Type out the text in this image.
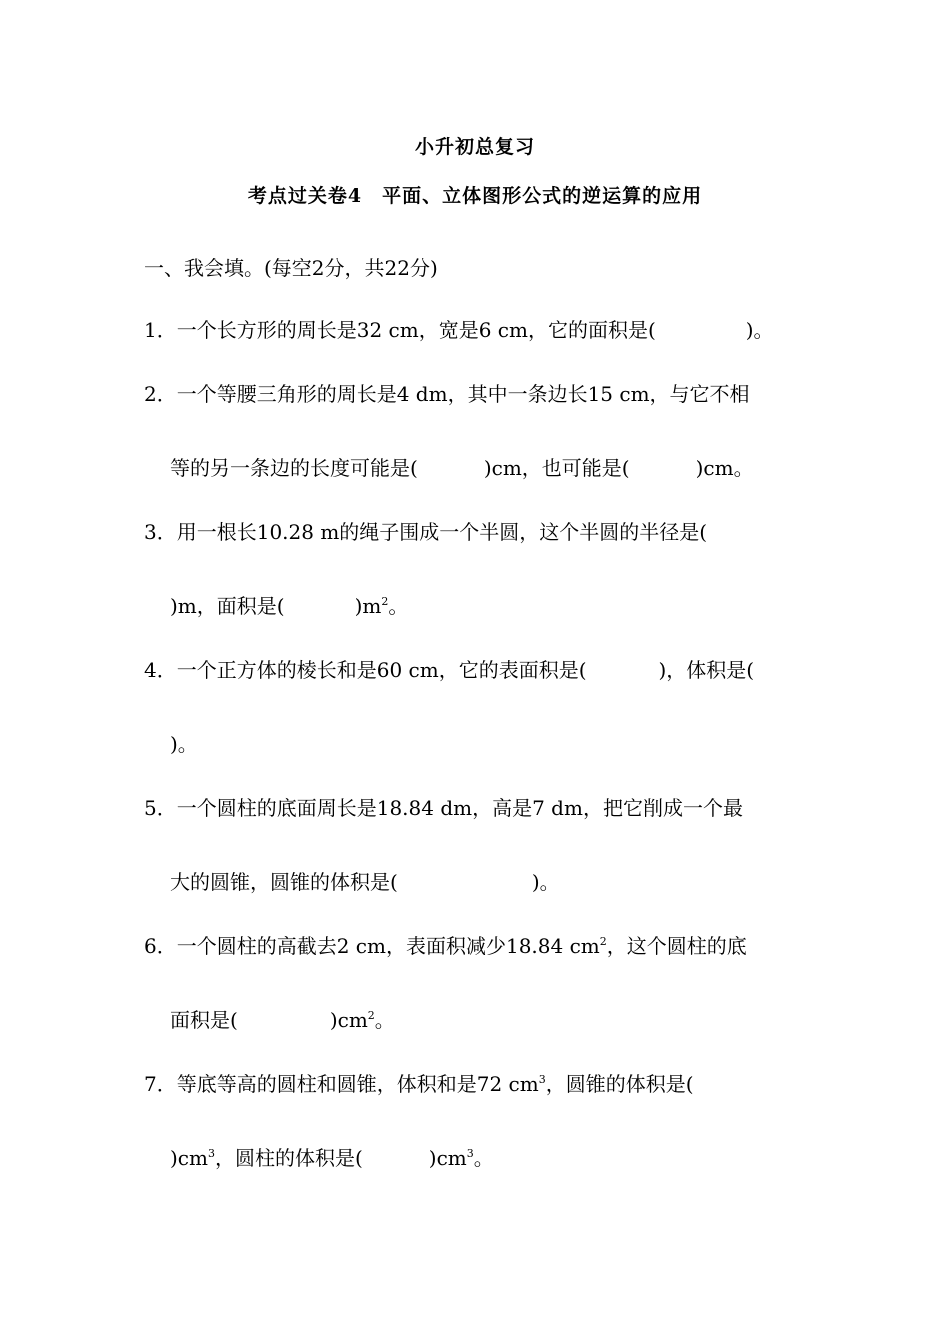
小升初总复习
考点过关卷4　平面、立体图形公式的逆运算的应用
一、我会填。(每空2分，共22分)
1．一个长方形的周长是32 cm，宽是6 cm，它的面积是(	)。
2．一个等腰三角形的周长是4 dm，其中一条边长15 cm，与它不相
等的另一条边的长度可能是(	)cm，也可能是(	)cm。
3．用一根长10.28 m的绳子围成一个半圆，这个半圆的半径是(
)m，面积是(	)$m^2$。
4．一个正方体的棱长和是60 cm，它的表面积是(	)，体积是(
)。
5．一个圆柱的底面周长是18.84 dm，高是7 dm，把它削成一个最
大的圆锥，圆锥的体积是(	)。
6．一个圆柱的高截去2 cm，表面积减少18.84 $cm^2$，这个圆柱的底
面积是(	)$cm^2$。
7．等底等高的圆柱和圆锥，体积和是72 $cm^3$，圆锥的体积是(
)$cm^3$，圆柱的体积是(	)$cm^3$。
